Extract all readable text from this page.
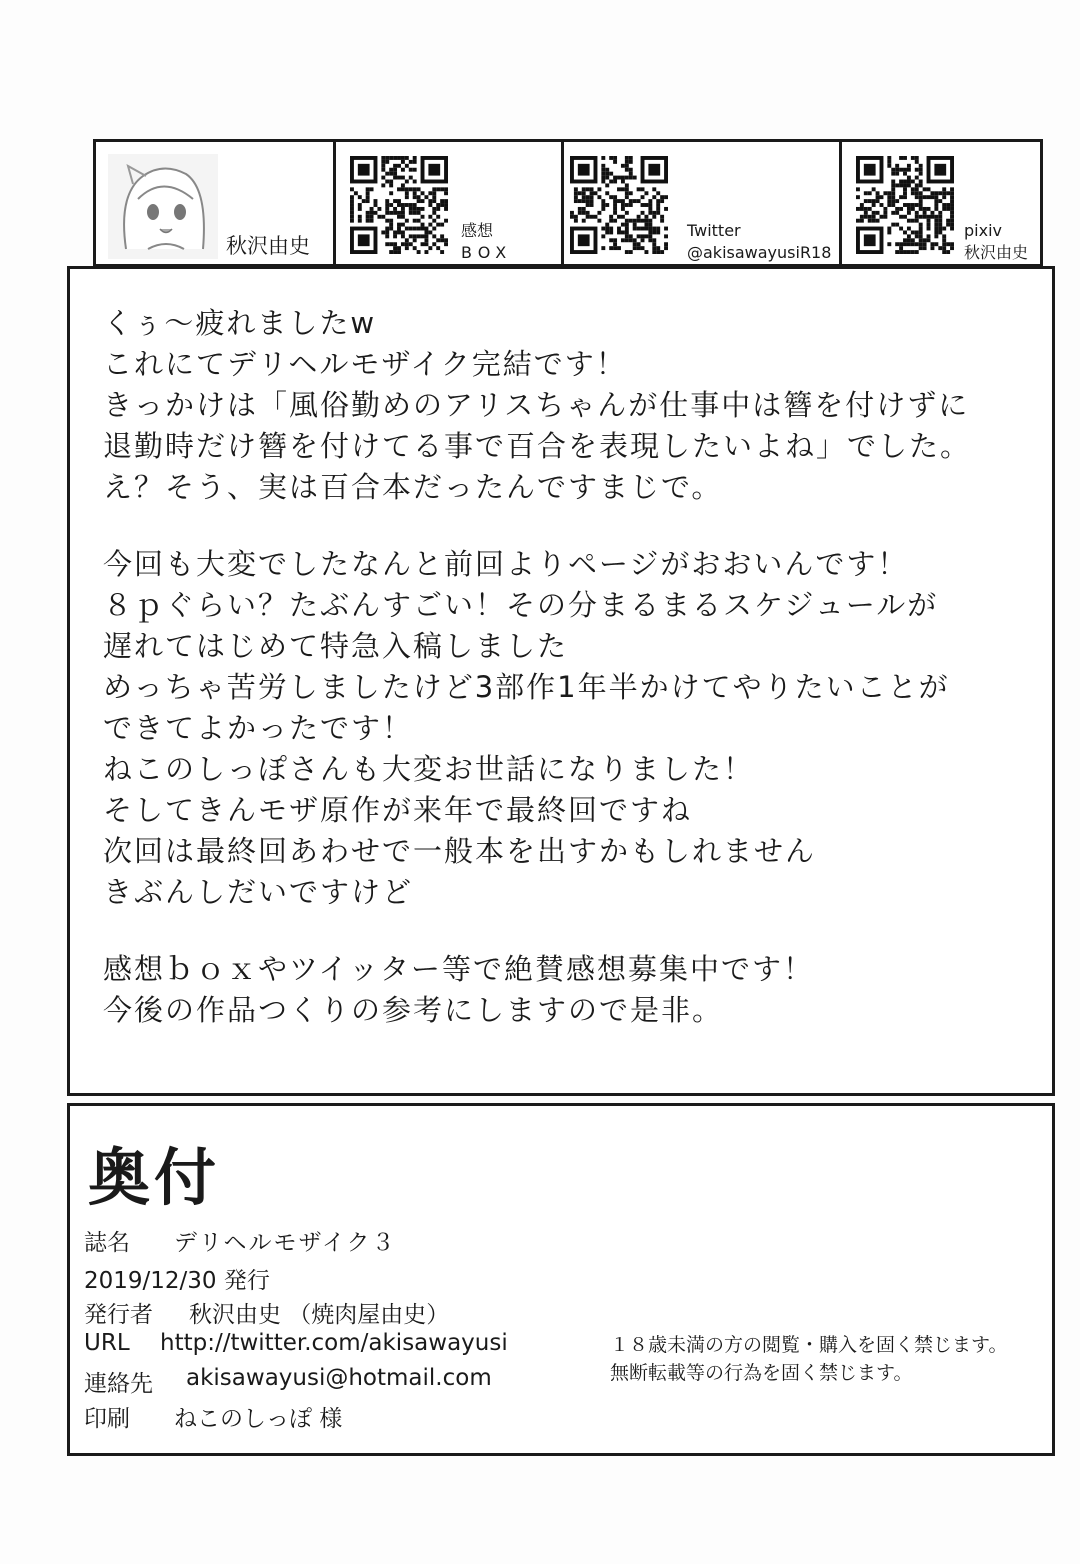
秋沢由史
感想
BOX
Twitter
@akisawayusiR18
pixiv
秋沢由史
くぅ〜疲れましたw
これにてデリヘルモザイク完結です！
きっかけは「風俗勤めのアリスちゃんが仕事中は簪を付けずに
退勤時だけ簪を付けてる事で百合を表現したいよね」でした。
え？そう、実は百合本だったんですまじで。
今回も大変でしたなんと前回よりページがおおいんです！
８ｐぐらい？たぶんすごい！その分まるまるスケジュールが
遅れてはじめて特急入稿しました
めっちゃ苦労しましたけど3部作1年半かけてやりたいことが
できてよかったです！
ねこのしっぽさんも大変お世話になりました！
そしてきんモザ原作が来年で最終回ですね
次回は最終回あわせで一般本を出すかもしれません
きぶんしだいですけど
感想ｂｏｘやツイッター等で絶賛感想募集中です！
今後の作品つくりの参考にしますので是非。
奥付
誌名	デリヘルモザイク３
2019/12/30 発行
発行者	秋沢由史 （焼肉屋由史）
URL	http://twitter.com/akisawayusi
連絡先	akisawayusi@hotmail.com
印刷	ねこのしっぽ 様
１８歳未満の方の閲覧・購入を固く禁じます。
無断転載等の行為を固く禁じます。
